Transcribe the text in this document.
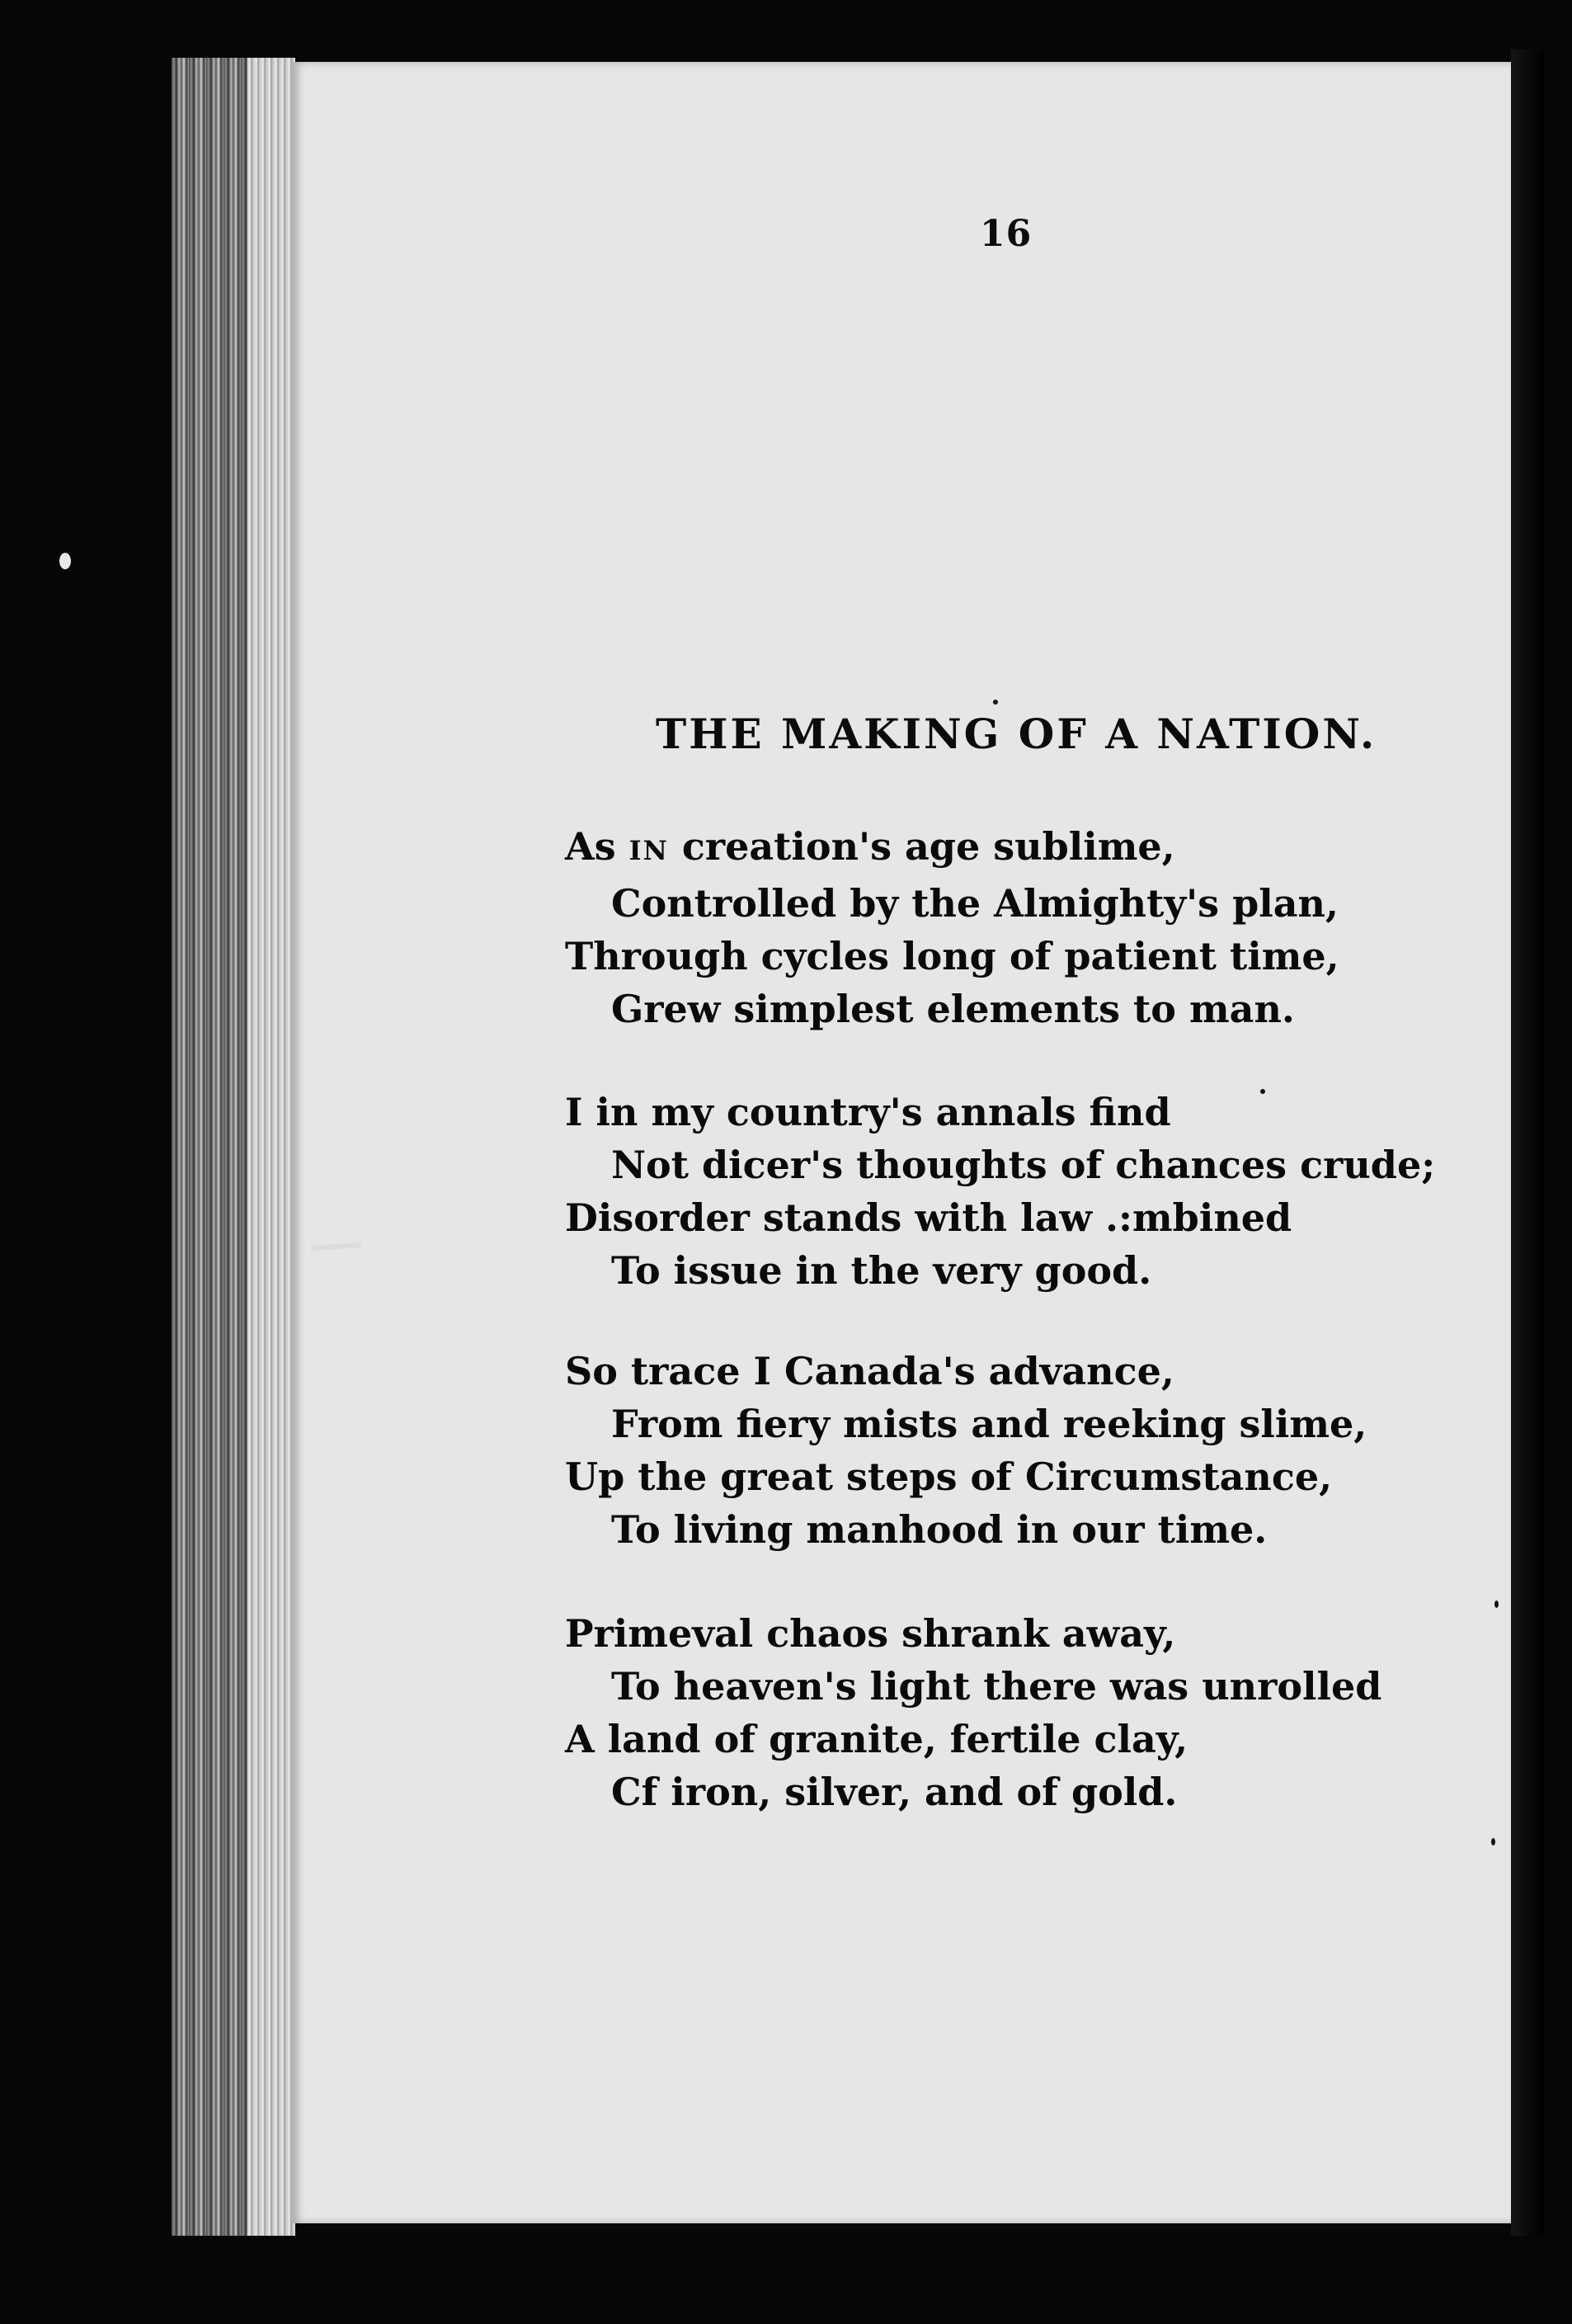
16
THE MAKING OF A NATION.
As IN creation's age sublime,
Controlled by the Almighty's plan,
Through cycles long of patient time,
Grew simplest elements to man.
I in my country's annals find
Not dicer's thoughts of chances crude;
Disorder stands with law .:mbined
To issue in the very good.
So trace I Canada's advance,
From fiery mists and reeking slime,
Up the great steps of Circumstance,
To living manhood in our time.
Primeval chaos shrank away,
To heaven's light there was unrolled
A land of granite, fertile clay,
Cf iron, silver, and of gold.
